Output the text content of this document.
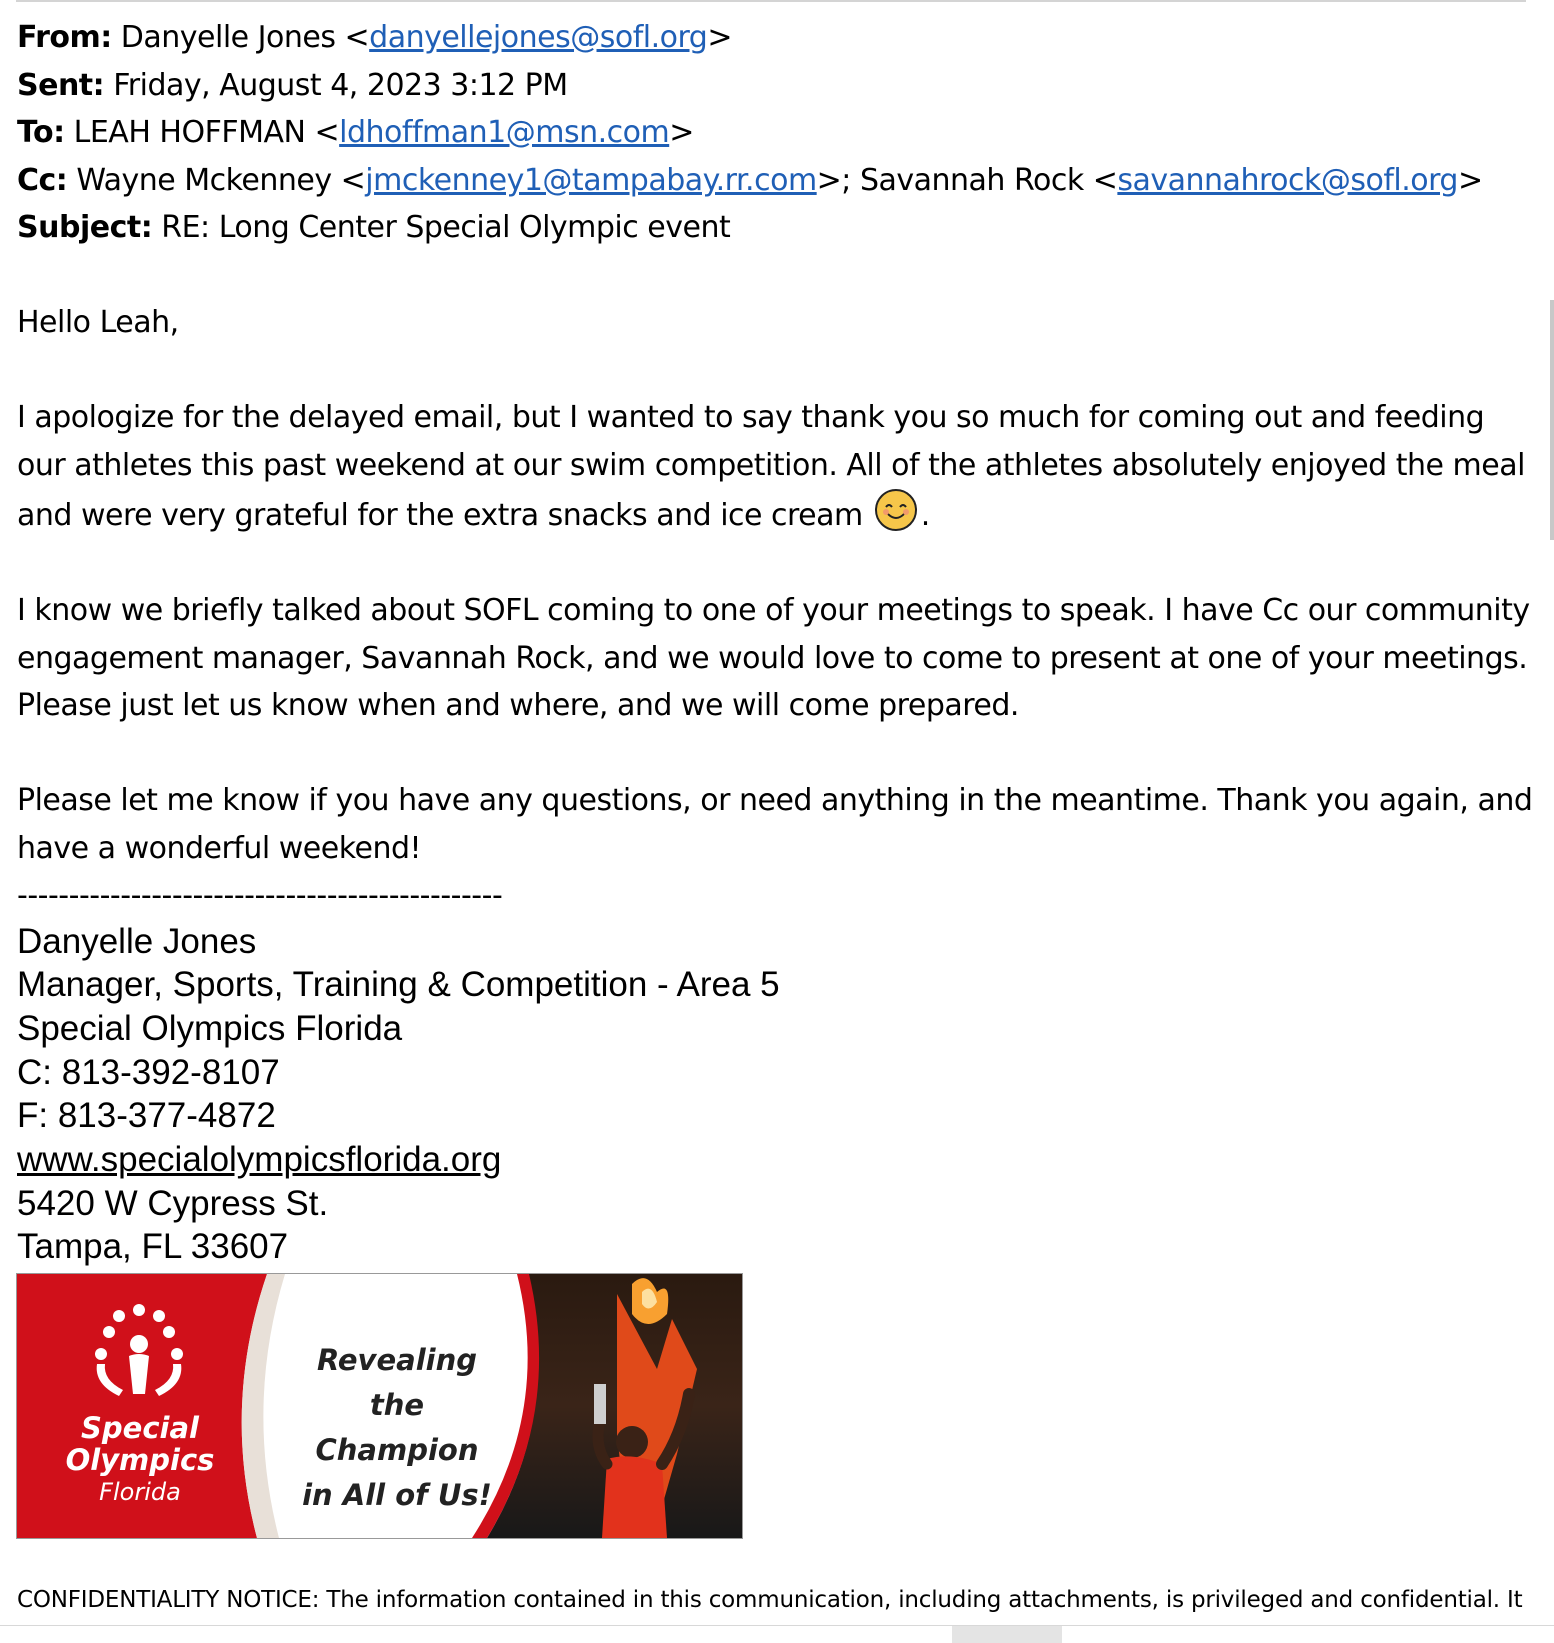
From: Danyelle Jones <danyellejones@sofl.org>
Sent: Friday, August 4, 2023 3:12 PM
To: LEAH HOFFMAN <ldhoffman1@msn.com>
Cc: Wayne Mckenney <jmckenney1@tampabay.rr.com>; Savannah Rock <savannahrock@sofl.org>
Subject: RE: Long Center Special Olympic event

Hello Leah,

I apologize for the delayed email, but I wanted to say thank you so much for coming out and feeding our athletes this past weekend at our swim competition. All of the athletes absolutely enjoyed the meal and were very grateful for the extra snacks and ice cream .

I know we briefly talked about SOFL coming to one of your meetings to speak. I have Cc our community engagement manager, Savannah Rock, and we would love to come to present at one of your meetings. Please just let us know when and where, and we will come prepared.

Please let me know if you have any questions, or need anything in the meantime. Thank you again, and have a wonderful weekend!

-----------------------------------------------

Danyelle Jones
Manager, Sports, Training & Competition - Area 5
Special Olympics Florida
C: 813-392-8107
F: 813-377-4872
www.specialolympicsflorida.org
5420 W Cypress St.
Tampa, FL 33607
Special
Olympics
Florida
Revealing the
Champion
in All of Us!
CONFIDENTIALITY NOTICE: The information contained in this communication, including attachments, is privileged and confidential. It
